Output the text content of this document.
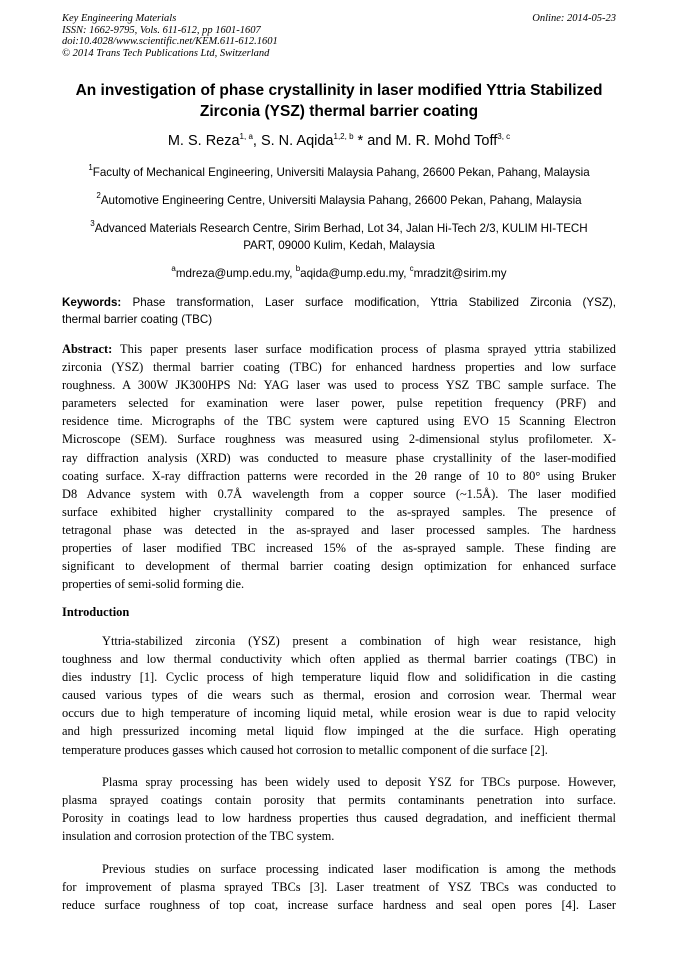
Key Engineering Materials
ISSN: 1662-9795, Vols. 611-612, pp 1601-1607
doi:10.4028/www.scientific.net/KEM.611-612.1601
© 2014 Trans Tech Publications Ltd, Switzerland
Online: 2014-05-23
An investigation of phase crystallinity in laser modified Yttria Stabilized
Zirconia (YSZ) thermal barrier coating
M. S. Reza$^{1, a}$, S. N. Aqida$^{1,2, b}$ * and M. R. Mohd Toff$^{3, c}$
$^1$Faculty of Mechanical Engineering, Universiti Malaysia Pahang, 26600 Pekan, Pahang, Malaysia
$^2$Automotive Engineering Centre, Universiti Malaysia Pahang, 26600 Pekan, Pahang, Malaysia
$^3$Advanced Materials Research Centre, Sirim Berhad, Lot 34, Jalan Hi-Tech 2/3, KULIM HI-TECH
PART, 09000 Kulim, Kedah, Malaysia
$^a$mdreza@ump.edu.my, $^b$aqida@ump.edu.my, $^c$mradzit@sirim.my
Keywords: Phase transformation, Laser surface modification, Yttria Stabilized Zirconia (YSZ),
thermal barrier coating (TBC)
Abstract: This paper presents laser surface modification process of plasma sprayed yttria stabilized
zirconia (YSZ) thermal barrier coating (TBC) for enhanced hardness properties and low surface
roughness. A 300W JK300HPS Nd: YAG laser was used to process YSZ TBC sample surface. The
parameters selected for examination were laser power, pulse repetition frequency (PRF) and
residence time. Micrographs of the TBC system were captured using EVO 15 Scanning Electron
Microscope (SEM). Surface roughness was measured using 2-dimensional stylus profilometer. X-
ray diffraction analysis (XRD) was conducted to measure phase crystallinity of the laser-modified
coating surface. X-ray diffraction patterns were recorded in the 2θ range of 10 to 80° using Bruker
D8 Advance system with 0.7Å wavelength from a copper source (~1.5Å). The laser modified
surface exhibited higher crystallinity compared to the as-sprayed samples. The presence of
tetragonal phase was detected in the as-sprayed and laser processed samples. The hardness
properties of laser modified TBC increased 15% of the as-sprayed sample. These finding are
significant to development of thermal barrier coating design optimization for enhanced surface
properties of semi-solid forming die.
Introduction
Yttria-stabilized zirconia (YSZ) present a combination of high wear resistance, high
toughness and low thermal conductivity which often applied as thermal barrier coatings (TBC) in
dies industry [1]. Cyclic process of high temperature liquid flow and solidification in die casting
caused various types of die wears such as thermal, erosion and corrosion wear. Thermal wear
occurs due to high temperature of incoming liquid metal, while erosion wear is due to rapid velocity
and high pressurized incoming metal liquid flow impinged at the die surface. High operating
temperature produces gasses which caused hot corrosion to metallic component of die surface [2].
Plasma spray processing has been widely used to deposit YSZ for TBCs purpose. However,
plasma sprayed coatings contain porosity that permits contaminants penetration into surface.
Porosity in coatings lead to low hardness properties thus caused degradation, and inefficient thermal
insulation and corrosion protection of the TBC system.
Previous studies on surface processing indicated laser modification is among the methods
for improvement of plasma sprayed TBCs [3]. Laser treatment of YSZ TBCs was conducted to
reduce surface roughness of top coat, increase surface hardness and seal open pores [4]. Laser
